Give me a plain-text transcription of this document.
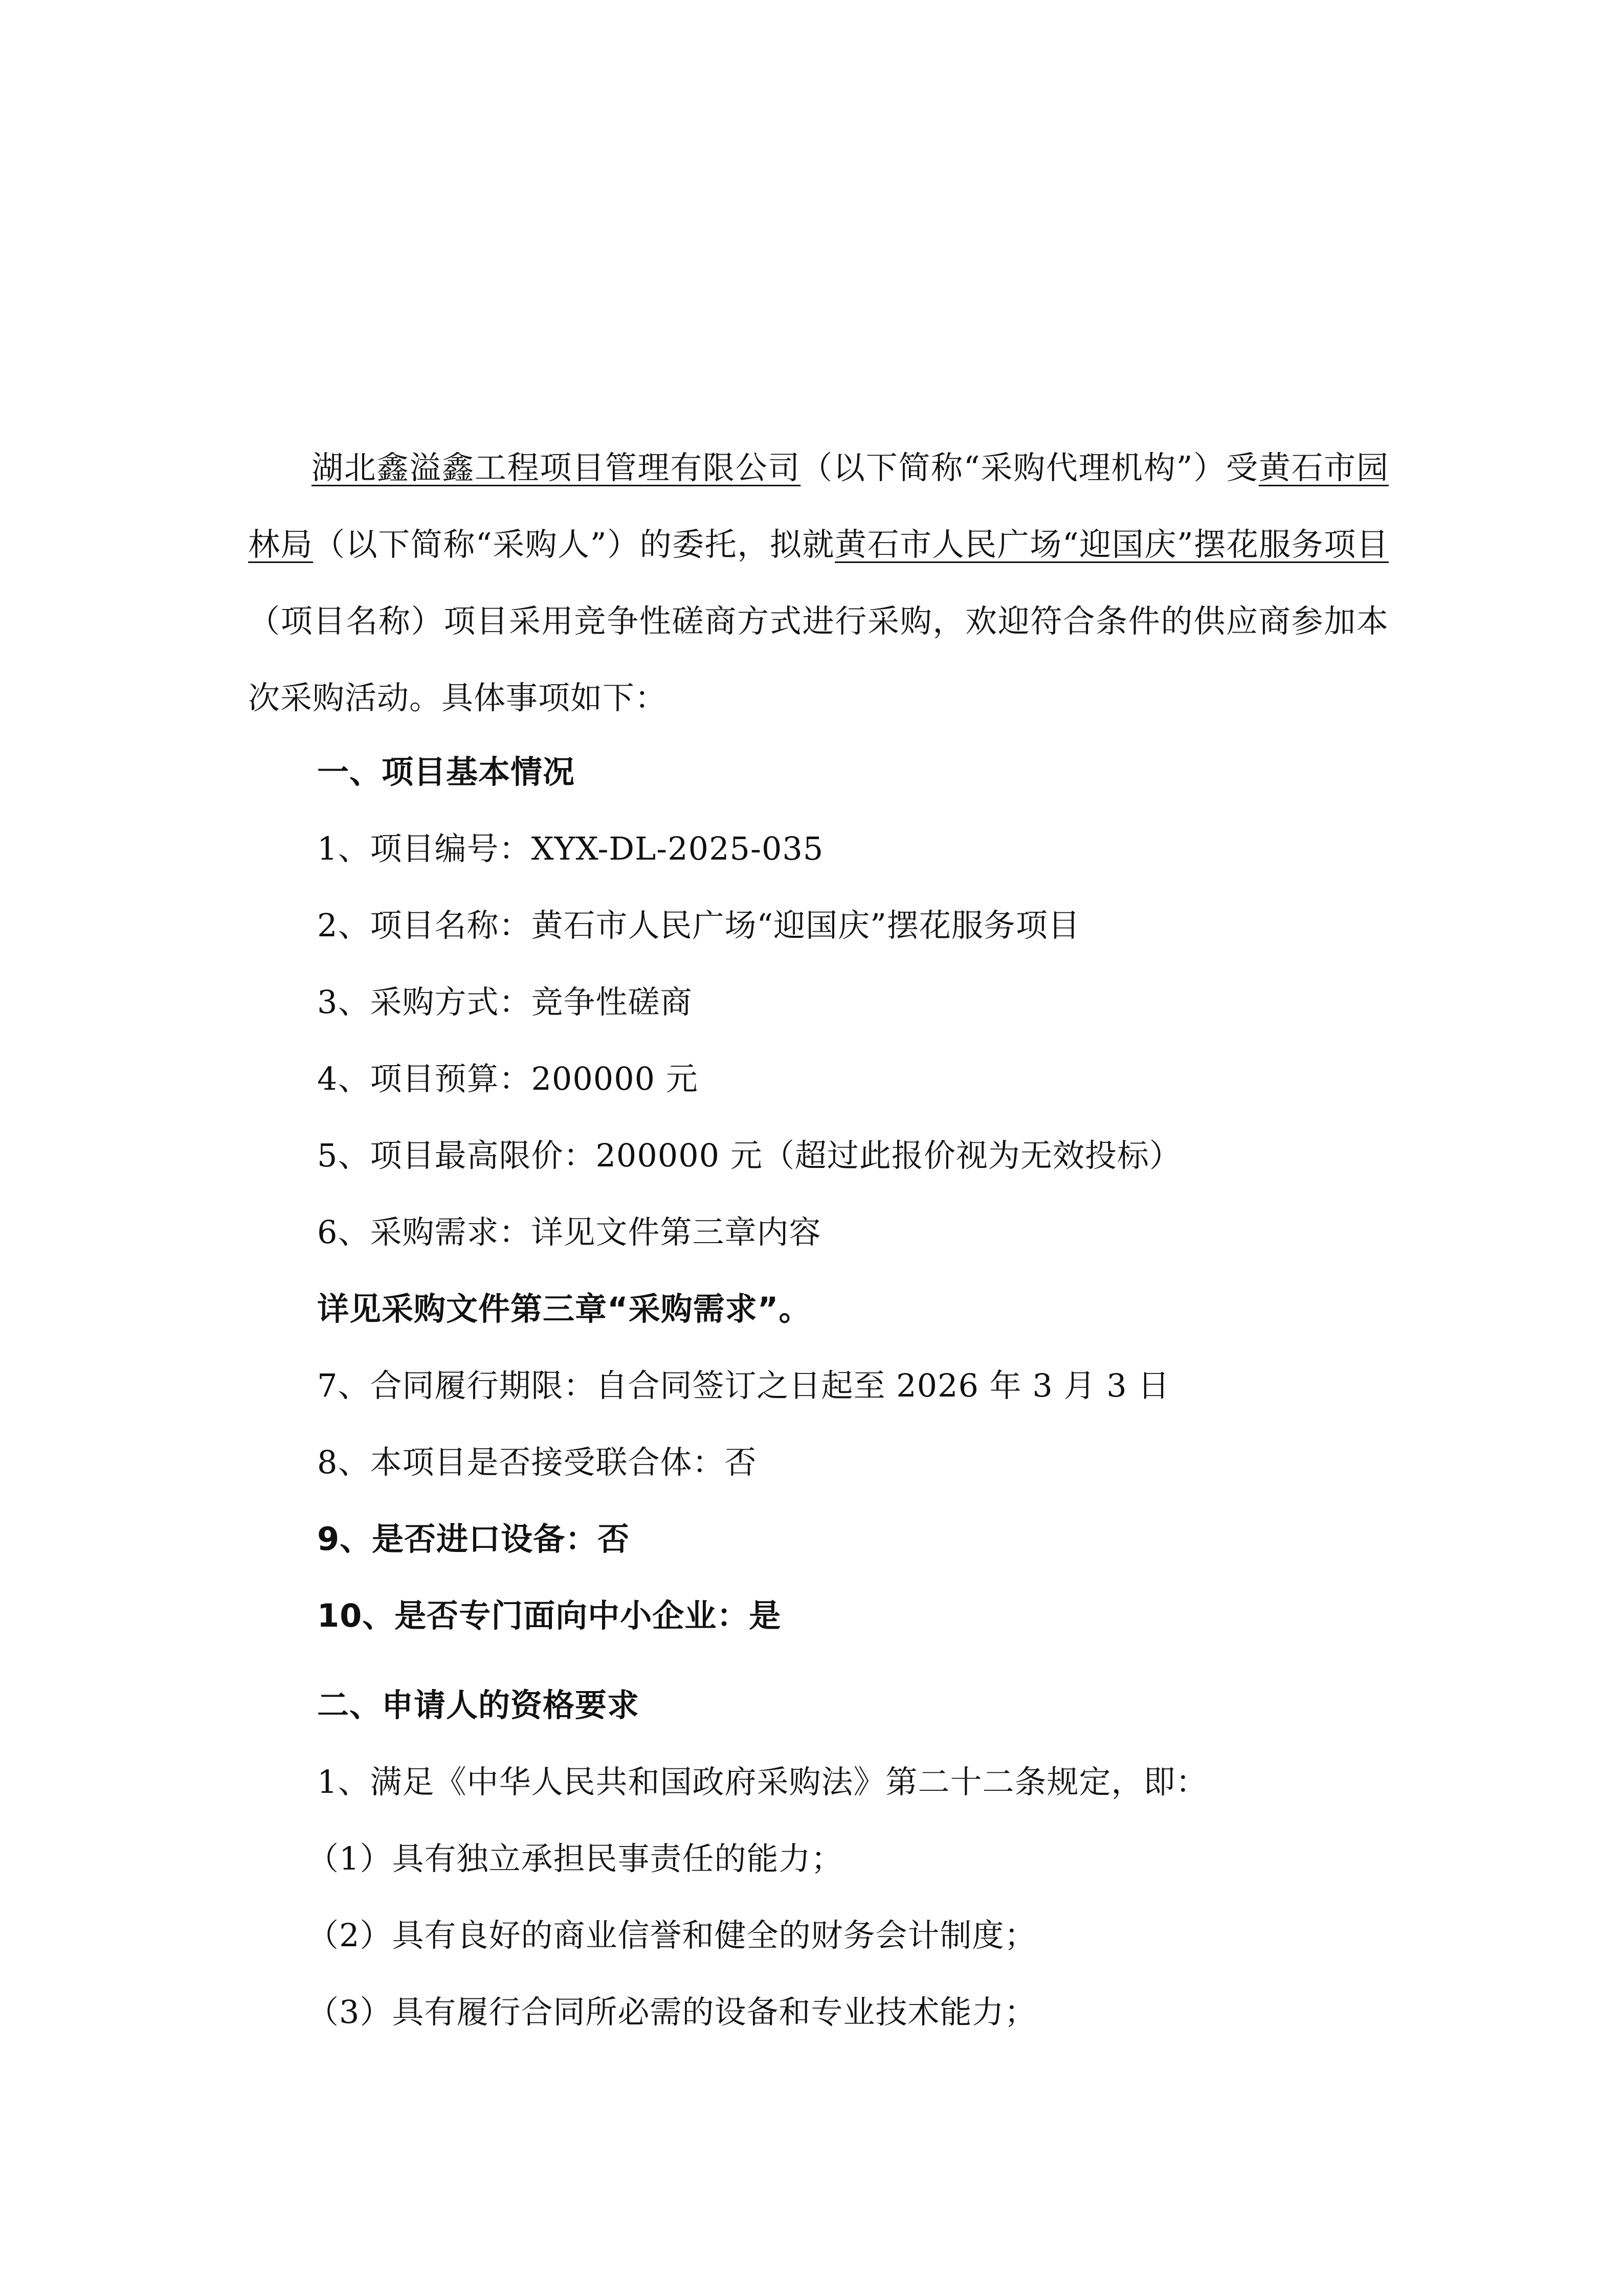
湖北鑫溢鑫工程项目管理有限公司（以下简称“采购代理机构”）受黄石市园林局（以下简称“采购人”）的委托，拟就黄石市人民广场“迎国庆”摆花服务项目（项目名称）项目采用竞争性磋商方式进行采购，欢迎符合条件的供应商参加本次采购活动。具体事项如下：

一、项目基本情况
1、项目编号：XYX-DL-2025-035
2、项目名称：黄石市人民广场“迎国庆”摆花服务项目
3、采购方式：竞争性磋商
4、项目预算：200000 元
5、项目最高限价：200000 元（超过此报价视为无效投标）
6、采购需求：详见文件第三章内容
详见采购文件第三章“采购需求”。
7、合同履行期限：自合同签订之日起至 2026 年 3 月 3 日
8、本项目是否接受联合体：否
9、是否进口设备：否
10、是否专门面向中小企业：是
二、申请人的资格要求
1、满足《中华人民共和国政府采购法》第二十二条规定，即：
（1）具有独立承担民事责任的能力；
（2）具有良好的商业信誉和健全的财务会计制度；
（3）具有履行合同所必需的设备和专业技术能力；
